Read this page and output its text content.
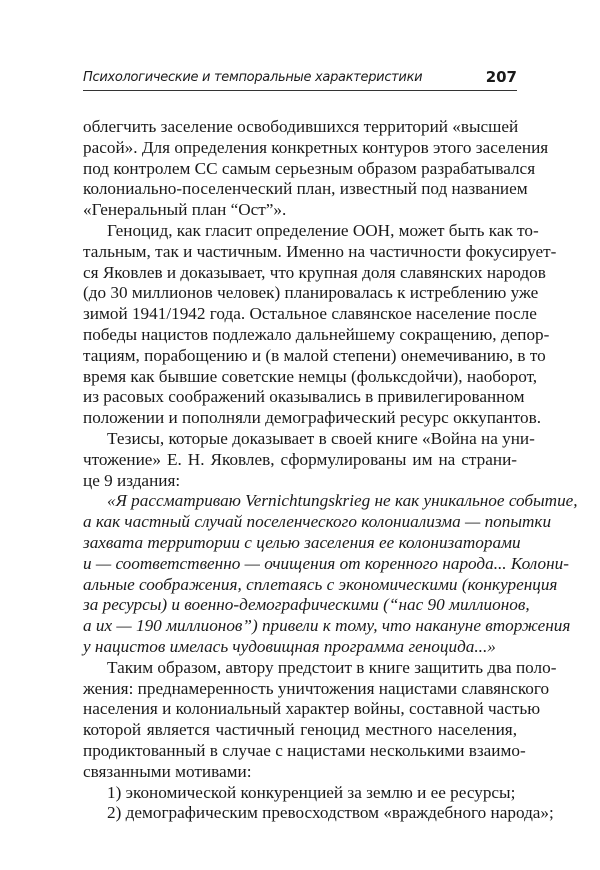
Психологические и темпоральные характеристики	207
облегчить заселение освободившихся территорий «высшей
расой». Для определения конкретных контуров этого заселения
под контролем СС самым серьезным образом разрабатывался
колониально-поселенческий план, известный под названием
«Генеральный план “Ост”».
Геноцид, как гласит определение ООН, может быть как то-
тальным, так и частичным. Именно на частичности фокусирует-
ся Яковлев и доказывает, что крупная доля славянских народов
(до 30 миллионов человек) планировалась к истреблению уже
зимой 1941/1942 года. Остальное славянское население после
победы нацистов подлежало дальнейшему сокращению, депор-
тациям, порабощению и (в малой степени) онемечиванию, в то
время как бывшие советские немцы (фольксдойчи), наоборот,
из расовых соображений оказывались в привилегированном
положении и пополняли демографический ресурс оккупантов.
Тезисы, которые доказывает в своей книге «Война на уни-
чтожение» Е. Н. Яковлев, сформулированы им на страни-
це 9 издания:
«Я рассматриваю Vernichtungskrieg не как уникальное событие,
а как частный случай поселенческого колониализма — попытки
захвата территории с целью заселения ее колонизаторами
и — соответственно — очищения от коренного народа... Колони-
альные соображения, сплетаясь с экономическими (конкуренция
за ресурсы) и военно-демографическими (“нас 90 миллионов,
а их — 190 миллионов”) привели к тому, что накануне вторжения
у нацистов имелась чудовищная программа геноцида...»
Таким образом, автору предстоит в книге защитить два поло-
жения: преднамеренность уничтожения нацистами славянского
населения и колониальный характер войны, составной частью
которой является частичный геноцид местного населения,
продиктованный в случае с нацистами несколькими взаимо-
связанными мотивами:
1) экономической конкуренцией за землю и ее ресурсы;
2) демографическим превосходством «враждебного народа»;
